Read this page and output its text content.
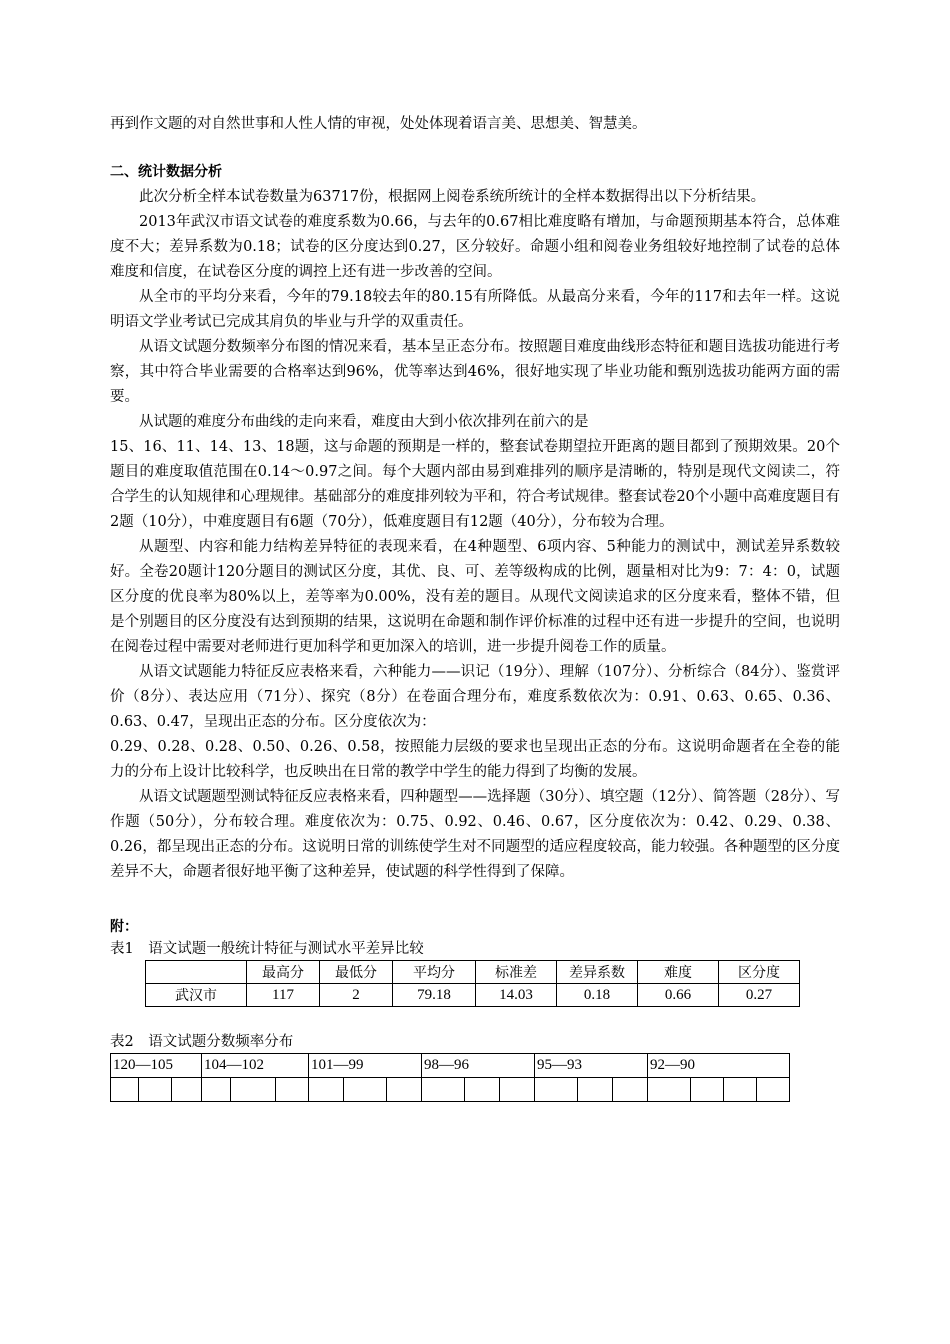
再到作文题的对自然世事和人性人情的审视，处处体现着语言美、思想美、智慧美。

二、统计数据分析

此次分析全样本试卷数量为63717份，根据网上阅卷系统所统计的全样本数据得出以下分析结果。

2013年武汉市语文试卷的难度系数为0.66，与去年的0.67相比难度略有增加，与命题预期基本符合，总体难度不大；差异系数为0.18；试卷的区分度达到0.27，区分较好。命题小组和阅卷业务组较好地控制了试卷的总体难度和信度，在试卷区分度的调控上还有进一步改善的空间。

从全市的平均分来看，今年的79.18较去年的80.15有所降低。从最高分来看，今年的117和去年一样。这说明语文学业考试已完成其肩负的毕业与升学的双重责任。

从语文试题分数频率分布图的情况来看，基本呈正态分布。按照题目难度曲线形态特征和题目选拔功能进行考察，其中符合毕业需要的合格率达到96%，优等率达到46%，很好地实现了毕业功能和甄别选拔功能两方面的需要。

从试题的难度分布曲线的走向来看，难度由大到小依次排列在前六的是

15、16、11、14、13、18题，这与命题的预期是一样的，整套试卷期望拉开距离的题目都到了预期效果。20个题目的难度取值范围在0.14～0.97之间。每个大题内部由易到难排列的顺序是清晰的，特别是现代文阅读二，符合学生的认知规律和心理规律。基础部分的难度排列较为平和，符合考试规律。整套试卷20个小题中高难度题目有2题（10分），中难度题目有6题（70分），低难度题目有12题（40分），分布较为合理。

从题型、内容和能力结构差异特征的表现来看，在4种题型、6项内容、5种能力的测试中，测试差异系数较好。全卷20题计120分题目的测试区分度，其优、良、可、差等级构成的比例，题量相对比为9：7：4：0，试题区分度的优良率为80%以上，差等率为0.00%，没有差的题目。从现代文阅读追求的区分度来看，整体不错，但是个别题目的区分度没有达到预期的结果，这说明在命题和制作评价标准的过程中还有进一步提升的空间，也说明在阅卷过程中需要对老师进行更加科学和更加深入的培训，进一步提升阅卷工作的质量。

从语文试题能力特征反应表格来看，六种能力——识记（19分）、理解（107分）、分析综合（84分）、鉴赏评价（8分）、表达应用（71分）、探究（8分）在卷面合理分布，难度系数依次为：0.91、0.63、0.65、0.36、0.63、0.47，呈现出正态的分布。区分度依次为：

0.29、0.28、0.28、0.50、0.26、0.58，按照能力层级的要求也呈现出正态的分布。这说明命题者在全卷的能力的分布上设计比较科学，也反映出在日常的教学中学生的能力得到了均衡的发展。

从语文试题题型测试特征反应表格来看，四种题型——选择题（30分）、填空题（12分）、简答题（28分）、写作题（50分），分布较合理。难度依次为：0.75、0.92、0.46、0.67，区分度依次为：0.42、0.29、0.38、0.26，都呈现出正态的分布。这说明日常的训练使学生对不同题型的适应程度较高，能力较强。各种题型的区分度差异不大，命题者很好地平衡了这种差异，使试题的科学性得到了保障。

附：

表1　语文试题一般统计特征与测试水平差异比较

	最高分	最低分	平均分	标准差	差异系数	难度	区分度
武汉市	117	2	79.18	14.03	0.18	0.66	0.27

表2　语文试题分数频率分布

120—105			104—102			101—99			98—96			95—93			92—90			
